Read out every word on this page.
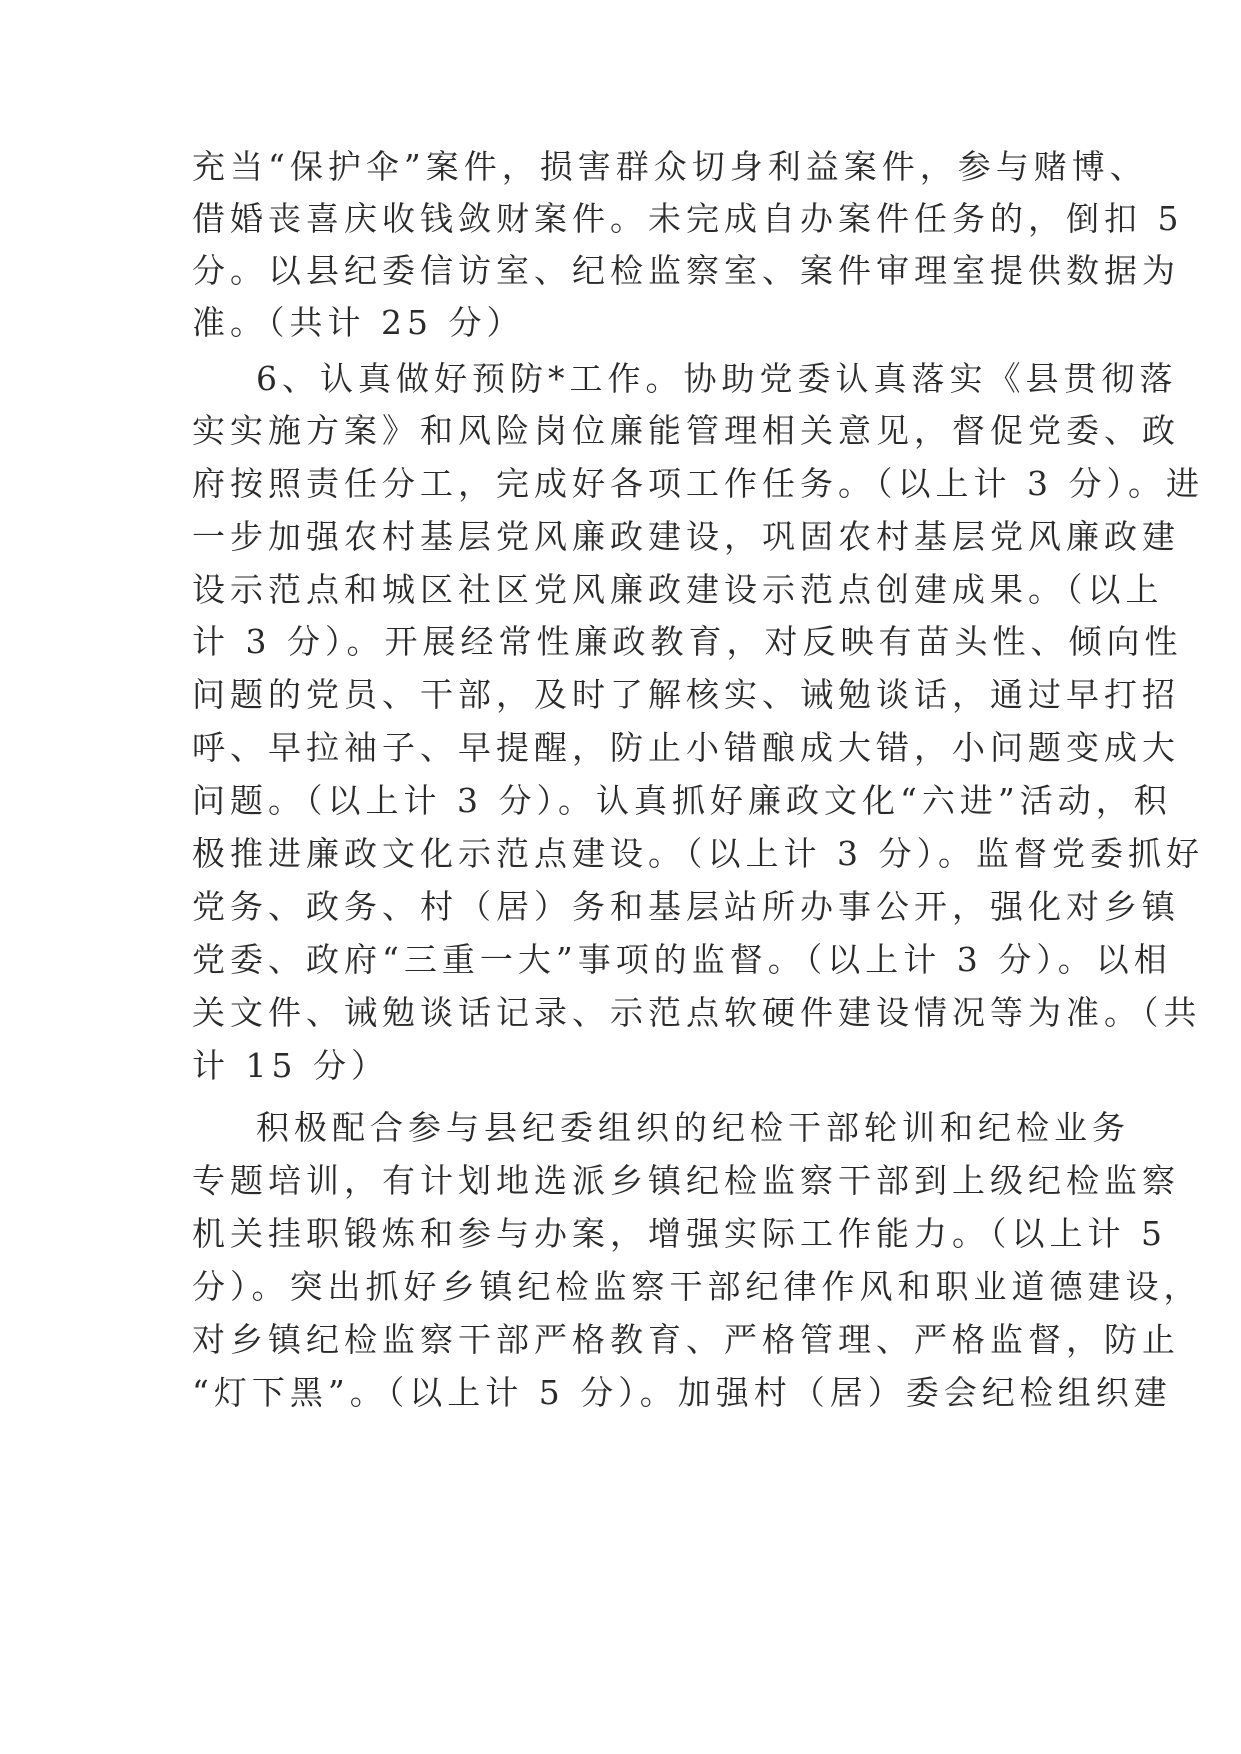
充当“保护伞”案件，损害群众切身利益案件，参与赌博、
借婚丧喜庆收钱敛财案件。未完成自办案件任务的，倒扣 5
分。以县纪委信访室、纪检监察室、案件审理室提供数据为
准。（共计 25 分）
6、认真做好预防*工作。协助党委认真落实《县贯彻落
实实施方案》和风险岗位廉能管理相关意见，督促党委、政
府按照责任分工，完成好各项工作任务。（以上计 3 分）。进
一步加强农村基层党风廉政建设，巩固农村基层党风廉政建
设示范点和城区社区党风廉政建设示范点创建成果。（以上
计 3 分）。开展经常性廉政教育，对反映有苗头性、倾向性
问题的党员、干部，及时了解核实、诫勉谈话，通过早打招
呼、早拉袖子、早提醒，防止小错酿成大错，小问题变成大
问题。（以上计 3 分）。认真抓好廉政文化“六进”活动，积
极推进廉政文化示范点建设。（以上计 3 分）。监督党委抓好
党务、政务、村（居）务和基层站所办事公开，强化对乡镇
党委、政府“三重一大”事项的监督。（以上计 3 分）。以相
关文件、诫勉谈话记录、示范点软硬件建设情况等为准。（共
计 15 分）
积极配合参与县纪委组织的纪检干部轮训和纪检业务
专题培训，有计划地选派乡镇纪检监察干部到上级纪检监察
机关挂职锻炼和参与办案，增强实际工作能力。（以上计 5
分）。突出抓好乡镇纪检监察干部纪律作风和职业道德建设，
对乡镇纪检监察干部严格教育、严格管理、严格监督，防止
“灯下黑”。（以上计 5 分）。加强村（居）委会纪检组织建
